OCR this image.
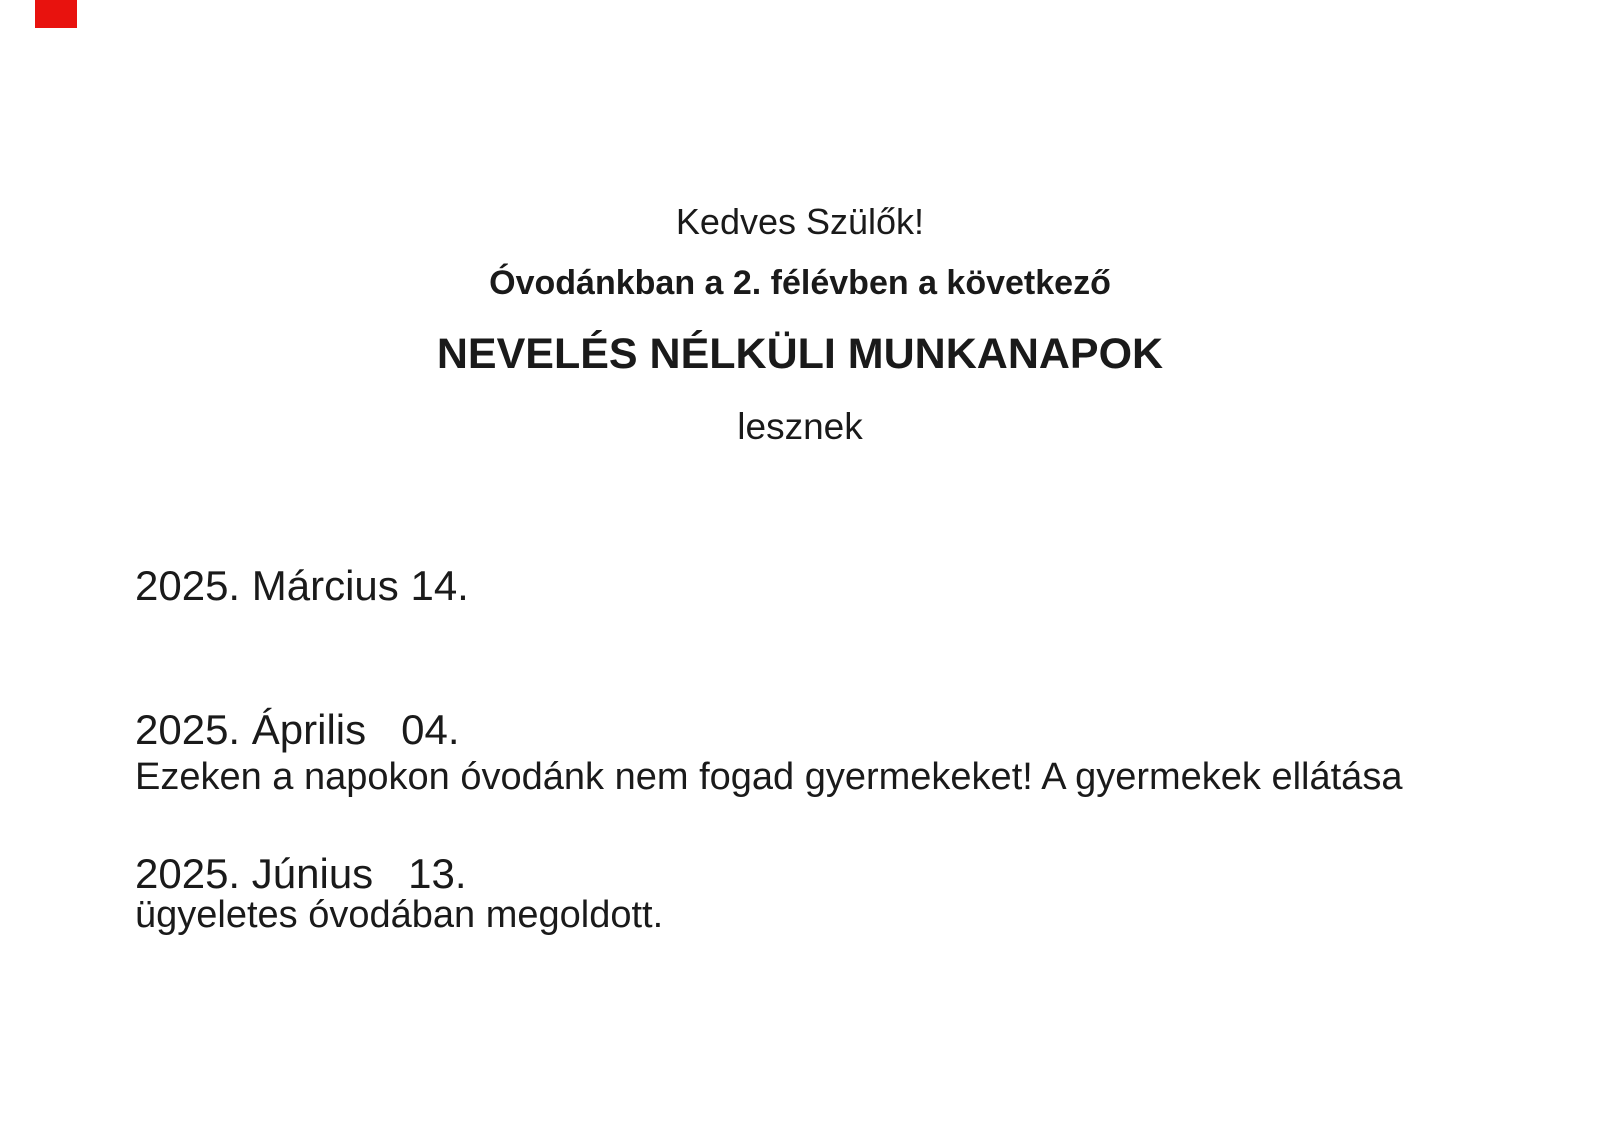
Kedves Szülők!
Óvodánkban a 2. félévben a következő
NEVELÉS NÉLKÜLI MUNKANAPOK
lesznek

2025. Március 14.

2025. Április   04.

2025. Június   13.

Ezeken a napokon óvodánk nem fogad gyermekeket! A gyermekek ellátása

ügyeletes óvodában megoldott.
